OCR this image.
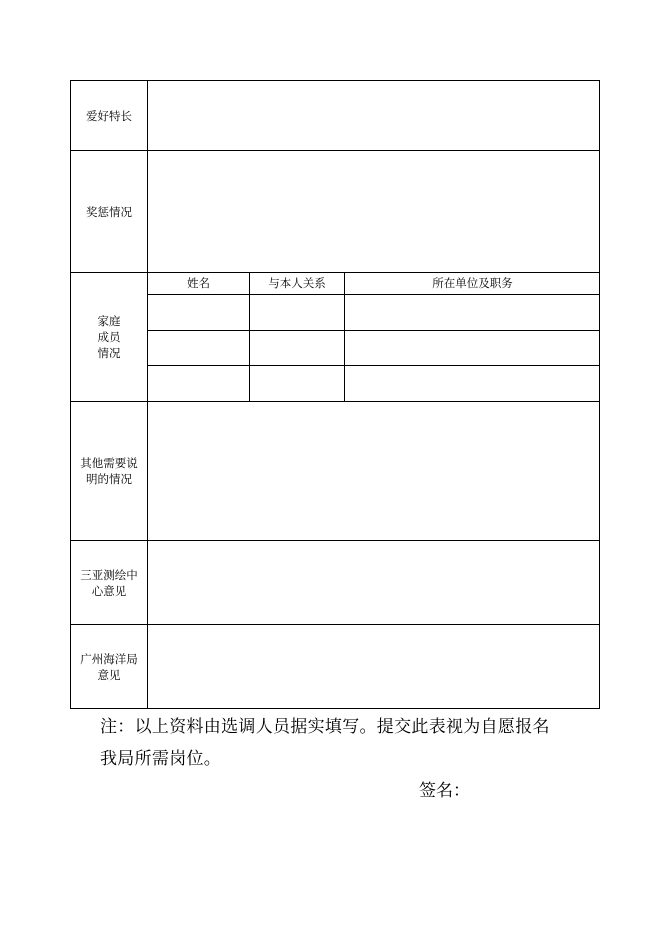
爱好特长
奖惩情况
家庭
成员
情况
其他需要说
明的情况
三亚测绘中
心意见
广州海洋局
意见
姓名	与本人关系	所在单位及职务
注：以上资料由选调人员据实填写。提交此表视为自愿报名
我局所需岗位。
签名：
